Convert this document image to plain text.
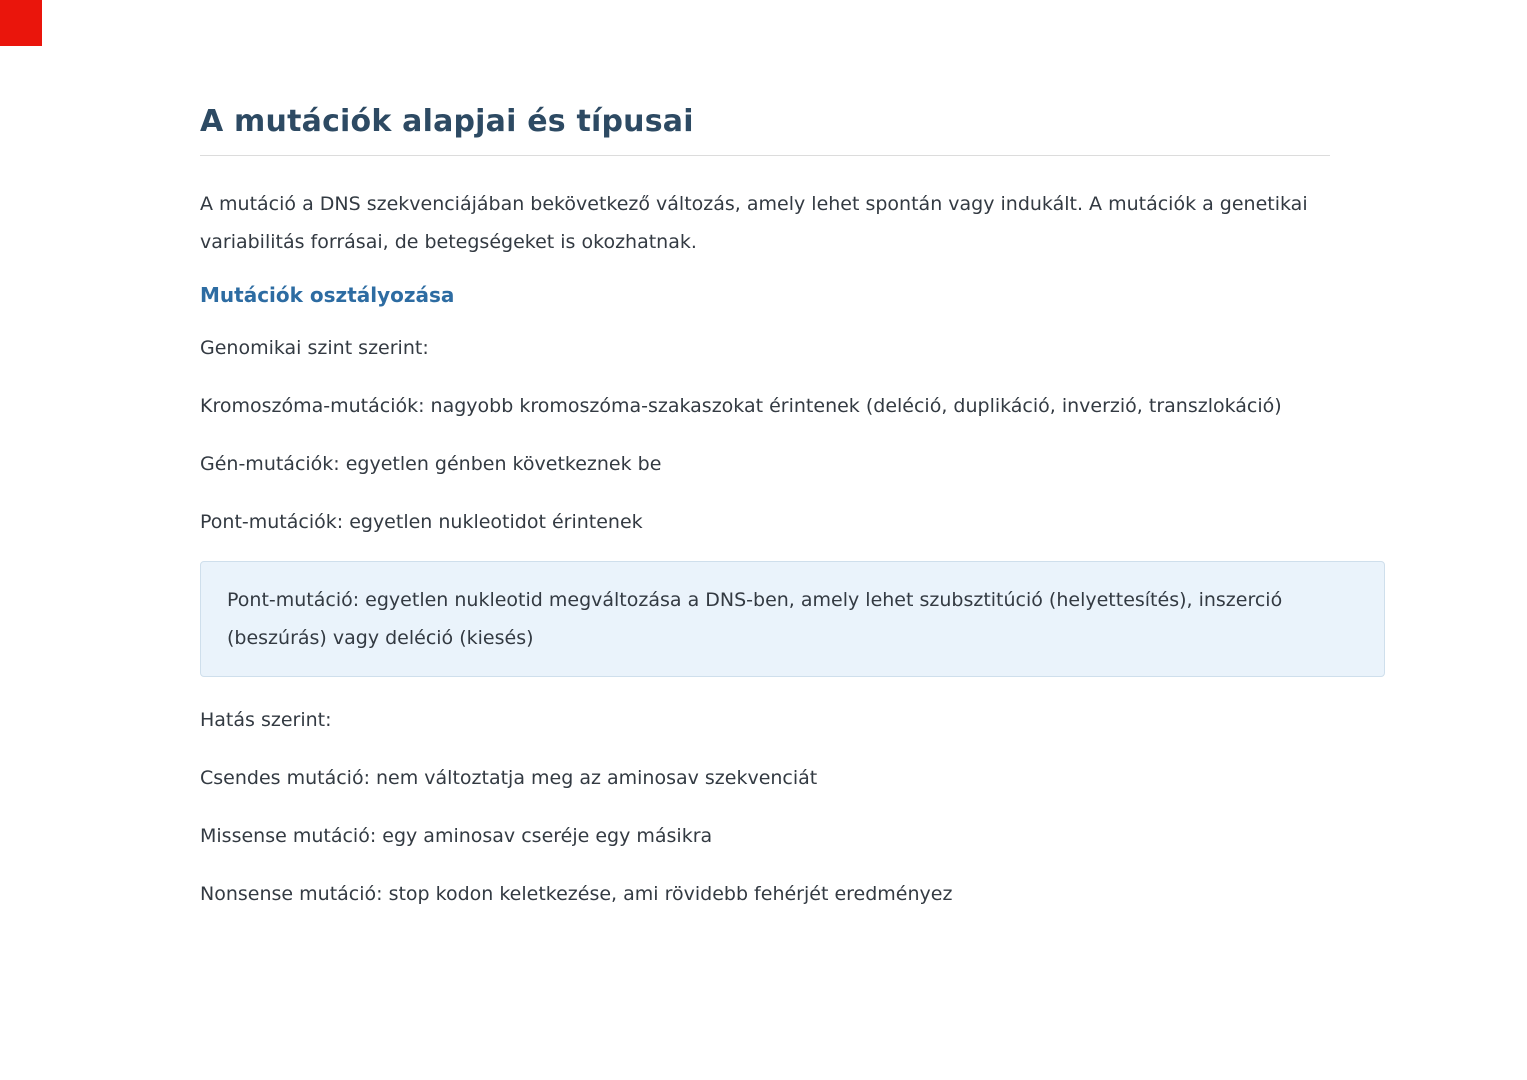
A mutációk alapjai és típusai

A mutáció a DNS szekvenciájában bekövetkező változás, amely lehet spontán vagy indukált. A mutációk a genetikai variabilitás forrásai, de betegségeket is okozhatnak.

Mutációk osztályozása

Genomikai szint szerint:

Kromoszóma-mutációk: nagyobb kromoszóma-szakaszokat érintenek (deléció, duplikáció, inverzió, transzlokáció)

Gén-mutációk: egyetlen génben következnek be

Pont-mutációk: egyetlen nukleotidot érintenek

Pont-mutáció: egyetlen nukleotid megváltozása a DNS-ben, amely lehet szubsztitúció (helyettesítés), inszerció (beszúrás) vagy deléció (kiesés)

Hatás szerint:

Csendes mutáció: nem változtatja meg az aminosav szekvenciát

Missense mutáció: egy aminosav cseréje egy másikra

Nonsense mutáció: stop kodon keletkezése, ami rövidebb fehérjét eredményez
